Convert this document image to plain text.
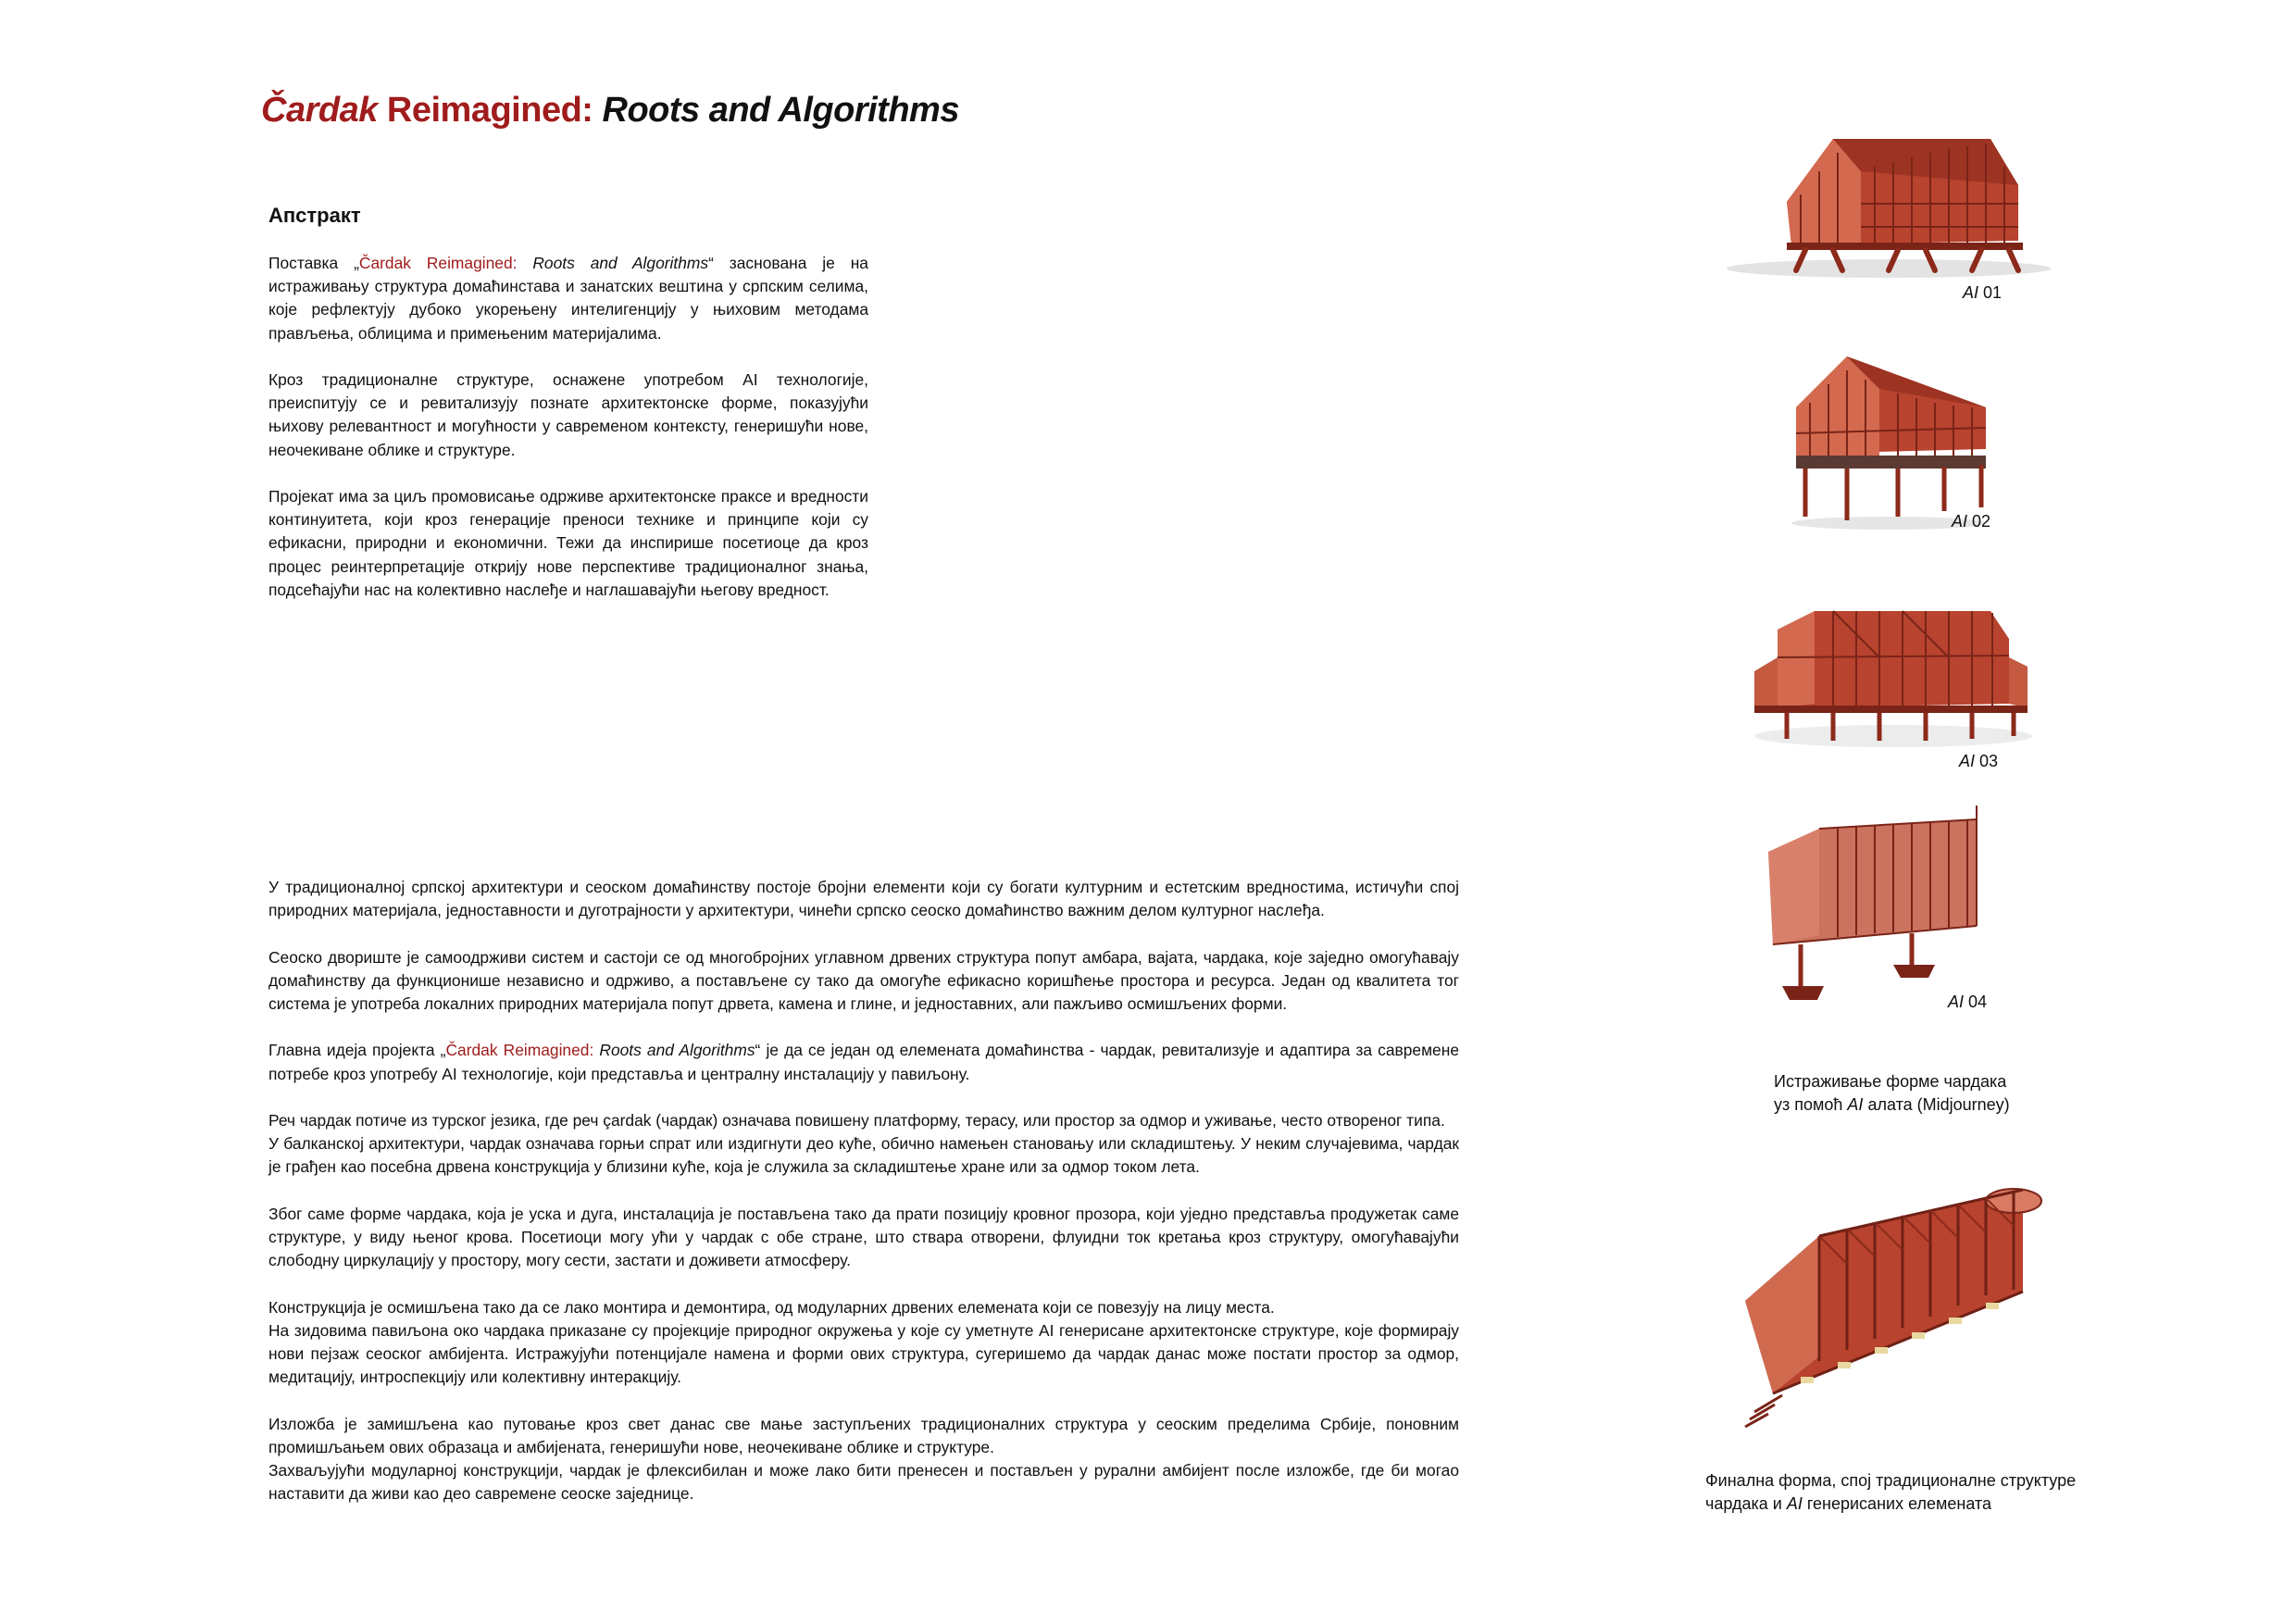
Čardak Reimagined: Roots and Algorithms
Апстракт

Поставка „Čardak Reimagined: Roots and Algorithms“ заснована је на истраживању структура домаћинстава и занатских вештина у српским селима, које рефлектују дубоко укорењену интелигенцију у њиховим методама прављења, облицима и примењеним материјалима.

Кроз традиционалне структуре, оснажене употребом AI технологије, преиспитују се и ревитализују познате архитектонске форме, показујући њихову релевантност и могућности у савременом контексту, генеришући нове, неочекиване облике и структуре.

Пројекат има за циљ промовисање одрживе архитектонске праксе и вредности континуитета, који кроз генерације преноси технике и принципе који су ефикасни, природни и економични. Тежи да инспирише посетиоце да кроз процес реинтерпретације открију нове перспективе традиционалног знања, подсећајући нас на колективно наслеђе и наглашавајући његову вредност.

У традиционалној српској архитектури и сеоском домаћинству постоје бројни елементи који су богати културним и естетским вредностима, истичући спој природних материјала, једноставности и дуготрајности у архитектури, чинећи српско сеоско домаћинство важним делом културног наслеђа.

Сеоско двориште је самоодрживи систем и састоји се од многобројних углавном дрвених структура попут амбара, вајата, чардака, које заједно омогућавају домаћинству да функционише независно и одрживо, а постављене су тако да омогуће ефикасно коришћење простора и ресурса. Један од квалитета тог система је употреба локалних природних материјала попут дрвета, камена и глине, и једноставних, али пажљиво осмишљених форми.

Главна идеја пројекта „Čardak Reimagined: Roots and Algorithms“ је да се један од елемената домаћинства - чардак, ревитализује и адаптира за савремене потребе кроз употребу AI технологије, који представља и централну инсталацију у павиљону.

Реч чардак потиче из турског језика, где реч çardak (чардак) означава повишену платформу, терасу, или простор за одмор и уживање, често отвореног типа.
У балканској архитектури, чардак означава горњи спрат или издигнути део куће, обично намењен становању или складиштењу. У неким случајевима, чардак је грађен као посебна дрвена конструкција у близини куће, која је служила за складиштење хране или за одмор током лета.

Због саме форме чардака, која је уска и дуга, инсталација је постављена тако да прати позицију кровног прозора, који уједно представља продужетак саме структуре, у виду њеног крова. Посетиоци могу ући у чардак с обе стране, што ствара отворени, флуидни ток кретања кроз структуру, омогућавајући слободну циркулацију у простору, могу сести, застати и доживети атмосферу.

Конструкција је осмишљена тако да се лако монтира и демонтира, од модуларних дрвених елемената који се повезују на лицу места.
На зидовима павиљона око чардака приказане су пројекције природног окружења у које су уметнуте AI генерисане архитектонске структуре, које формирају нови пејзаж сеоског амбијента. Истражујући потенцијале намена и форми ових структура, сугеришемо да чардак данас може постати простор за одмор, медитацију, интроспекцију или колективну интеракцију.

Изложба је замишљена као путовање кроз свет данас све мање заступљених традиционалних структура у сеоским пределима Србије, поновним промишљањем ових образаца и амбијената, генеришући нове, неочекиване облике и структуре.
Захваљујући модуларној конструкцији, чардак је флексибилан и може лако бити пренесен и постављен у рурални амбијент после изложбе, где би могао наставити да живи као део савремене сеоске заједнице.

AI 01
AI 02
AI 03
AI 04
Истраживање форме чардака
уз помоћ AI алата (Midjourney)
Финална форма, спој традиционалне структуре
чардака и AI генерисаних елемената
